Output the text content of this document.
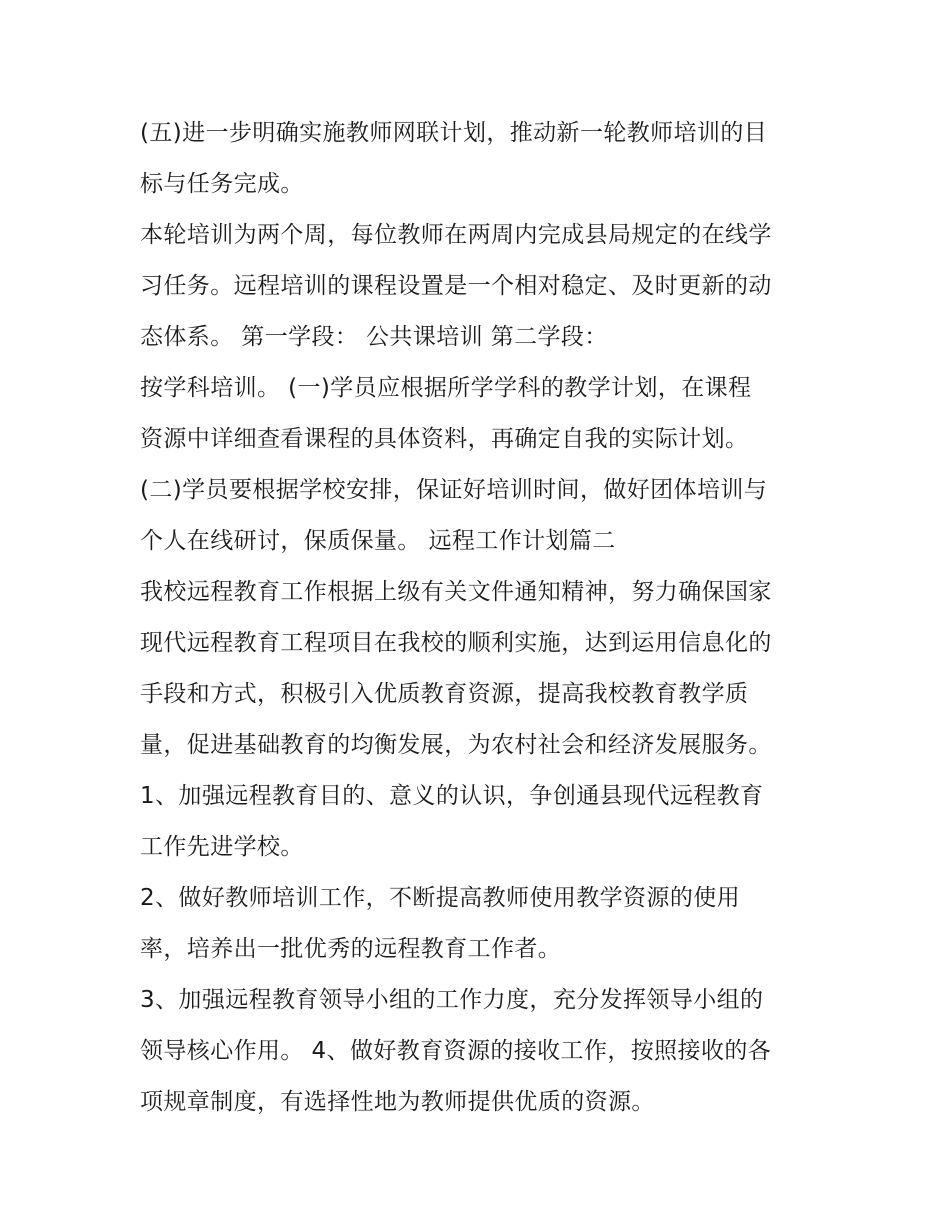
(五)进一步明确实施教师网联计划，推动新一轮教师培训的目
标与任务完成。
本轮培训为两个周，每位教师在两周内完成县局规定的在线学
习任务。远程培训的课程设置是一个相对稳定、及时更新的动
态体系。 第一学段： 公共课培训 第二学段：
按学科培训。 (一)学员应根据所学学科的教学计划，在课程
资源中详细查看课程的具体资料，再确定自我的实际计划。
(二)学员要根据学校安排，保证好培训时间，做好团体培训与
个人在线研讨，保质保量。 远程工作计划篇二
我校远程教育工作根据上级有关文件通知精神，努力确保国家
现代远程教育工程项目在我校的顺利实施，达到运用信息化的
手段和方式，积极引入优质教育资源，提高我校教育教学质
量，促进基础教育的均衡发展，为农村社会和经济发展服务。
1、加强远程教育目的、意义的认识，争创通县现代远程教育
工作先进学校。
2、做好教师培训工作，不断提高教师使用教学资源的使用
率，培养出一批优秀的远程教育工作者。
3、加强远程教育领导小组的工作力度，充分发挥领导小组的
领导核心作用。 4、做好教育资源的接收工作，按照接收的各
项规章制度，有选择性地为教师提供优质的资源。
